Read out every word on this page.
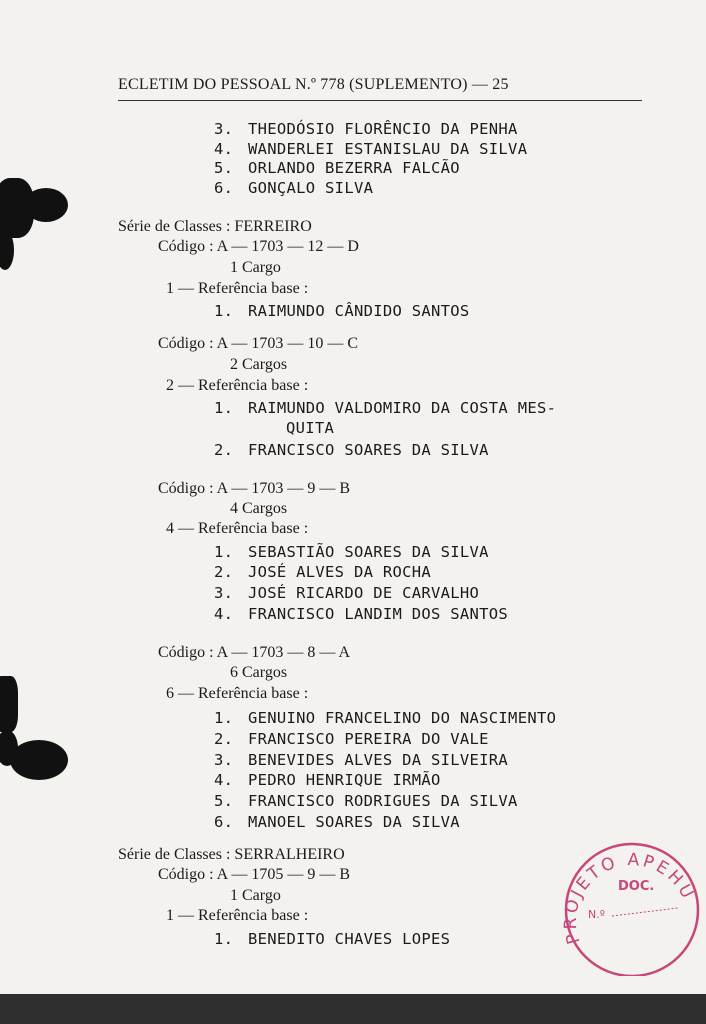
ECLETIM DO PESSOAL N.º 778 (SUPLEMENTO) — 25
3. THEODÓSIO FLORÊNCIO DA PENHA
4. WANDERLEI ESTANISLAU DA SILVA
5. ORLANDO BEZERRA FALCÃO
6. GONÇALO SILVA
Série de Classes : FERREIRO
Código : A — 1703 — 12 — D
1 Cargo
1 — Referência base :
1. RAIMUNDO CÂNDIDO SANTOS
Código : A — 1703 — 10 — C
2 Cargos
2 — Referência base :
1. RAIMUNDO VALDOMIRO DA COSTA MES-
QUITA
2. FRANCISCO SOARES DA SILVA
Código : A — 1703 — 9 — B
4 Cargos
4 — Referência base :
1. SEBASTIÃO SOARES DA SILVA
2. JOSÉ ALVES DA ROCHA
3. JOSÉ RICARDO DE CARVALHO
4. FRANCISCO LANDIM DOS SANTOS
Código : A — 1703 — 8 — A
6 Cargos
6 — Referência base :
1. GENUINO FRANCELINO DO NASCIMENTO
2. FRANCISCO PEREIRA DO VALE
3. BENEVIDES ALVES DA SILVEIRA
4. PEDRO HENRIQUE IRMÃO
5. FRANCISCO RODRIGUES DA SILVA
6. MANOEL SOARES DA SILVA
Série de Classes : SERRALHEIRO
Código : A — 1705 — 9 — B
1 Cargo
1 — Referência base :
1. BENEDITO CHAVES LOPES	PROJETO APEHU
DOC.
N.º
